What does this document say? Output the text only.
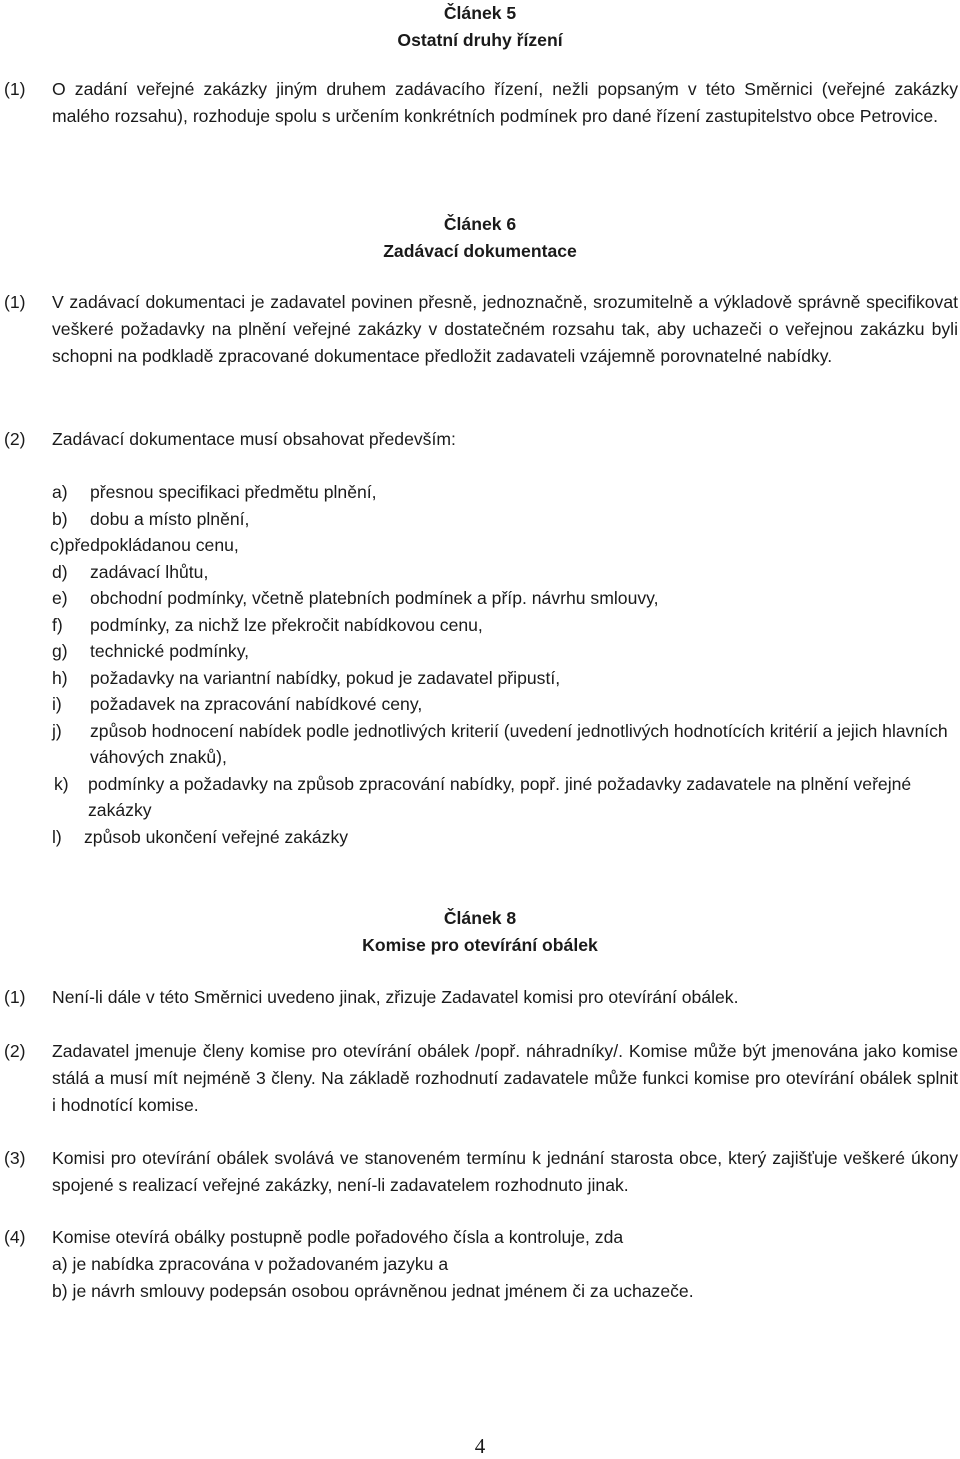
Článek 5
Ostatní druhy řízení
(1)	O zadání veřejné zakázky jiným druhem zadávacího řízení, nežli popsaným v této Směrnici (veřejné zakázky malého rozsahu), rozhoduje spolu s určením konkrétních podmínek pro dané řízení zastupitelstvo obce Petrovice.
Článek 6
Zadávací dokumentace
(1)	V zadávací dokumentaci je zadavatel povinen přesně, jednoznačně, srozumitelně a výkladově správně specifikovat veškeré požadavky na plnění veřejné zakázky v dostatečném rozsahu tak, aby uchazeči o veřejnou zakázku byli schopni na podkladě zpracované dokumentace předložit zadavateli vzájemně porovnatelné nabídky.
(2)	Zadávací dokumentace musí obsahovat především:
a) přesnou specifikaci předmětu plnění,
b) dobu a místo plnění,
c)předpokládanou cenu,
d) zadávací lhůtu,
e) obchodní podmínky, včetně platebních podmínek a příp. návrhu smlouvy,
f) podmínky, za nichž lze překročit nabídkovou cenu,
g) technické podmínky,
h) požadavky na variantní nabídky, pokud je zadavatel připustí,
i) požadavek na zpracování nabídkové ceny,
j) způsob hodnocení nabídek podle jednotlivých kriterií (uvedení jednotlivých hodnotících kritérií a jejich hlavních váhových znaků),
k) podmínky a požadavky na způsob zpracování nabídky, popř. jiné požadavky zadavatele na plnění veřejné zakázky
l) způsob ukončení veřejné zakázky
Článek 8
Komise pro otevírání obálek
(1)	Není-li dále v této Směrnici uvedeno jinak, zřizuje Zadavatel komisi pro otevírání obálek.
(2)	Zadavatel jmenuje členy komise pro otevírání obálek /popř. náhradníky/. Komise může být jmenována jako komise stálá a musí mít nejméně 3 členy. Na základě rozhodnutí zadavatele může funkci komise pro otevírání obálek splnit i hodnotící komise.
(3)	Komisi pro otevírání obálek svolává ve stanoveném termínu k jednání starosta obce, který zajišťuje veškeré úkony spojené s realizací veřejné zakázky, není-li zadavatelem rozhodnuto jinak.
(4)	Komise otevírá obálky postupně podle pořadového čísla a kontroluje, zda
a) je nabídka zpracována v požadovaném jazyku a
b) je návrh smlouvy podepsán osobou oprávněnou jednat jménem či za uchazeče.
4
